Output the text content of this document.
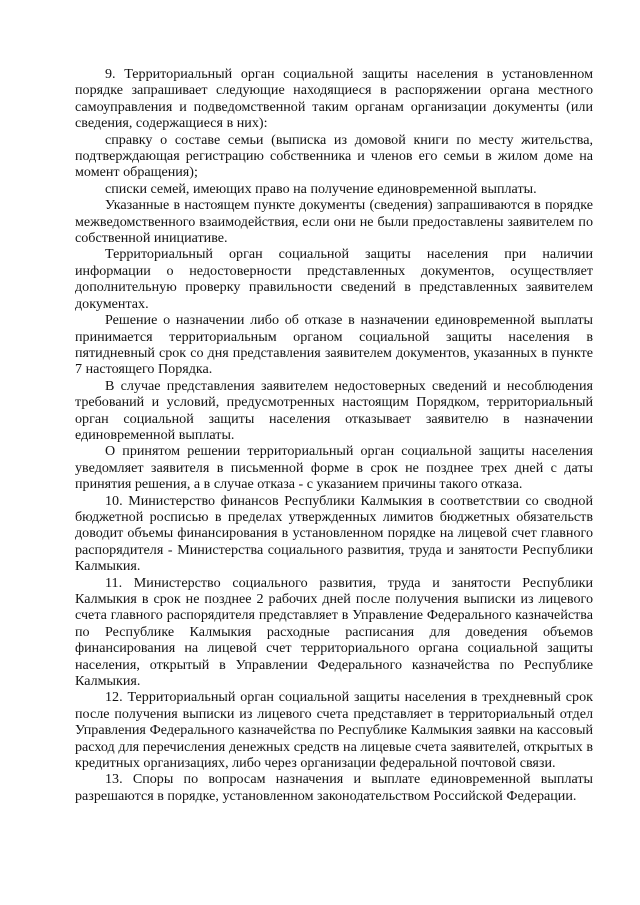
9. Территориальный орган социальной защиты населения в установленном порядке запрашивает следующие находящиеся в распоряжении органа местного самоуправления и подведомственной таким органам организации документы (или сведения, содержащиеся в них):

справку о составе семьи (выписка из домовой книги по месту жительства, подтверждающая регистрацию собственника и членов его семьи в жилом доме на момент обращения);

списки семей, имеющих право на получение единовременной выплаты.

Указанные в настоящем пункте документы (сведения) запрашиваются в порядке межведомственного взаимодействия, если они не были предоставлены заявителем по собственной инициативе.

Территориальный орган социальной защиты населения при наличии информации о недостоверности представленных документов, осуществляет дополнительную проверку правильности сведений в представленных заявителем документах.

Решение о назначении либо об отказе в назначении единовременной выплаты принимается территориальным органом социальной защиты населения в пятидневный срок со дня представления заявителем документов, указанных в пункте 7 настоящего Порядка.

В случае представления заявителем недостоверных сведений и несоблюдения требований и условий, предусмотренных настоящим Порядком, территориальный орган социальной защиты населения отказывает заявителю в назначении единовременной выплаты.

О принятом решении территориальный орган социальной защиты населения уведомляет заявителя в письменной форме в срок не позднее трех дней с даты принятия решения, а в случае отказа - с указанием причины такого отказа.

10. Министерство финансов Республики Калмыкия в соответствии со сводной бюджетной росписью в пределах утвержденных лимитов бюджетных обязательств доводит объемы финансирования в установленном порядке на лицевой счет главного распорядителя - Министерства социального развития, труда и занятости Республики Калмыкия.

11. Министерство социального развития, труда и занятости Республики Калмыкия в срок не позднее 2 рабочих дней после получения выписки из лицевого счета главного распорядителя представляет в Управление Федерального казначейства по Республике Калмыкия расходные расписания для доведения объемов финансирования на лицевой счет территориального органа социальной защиты населения, открытый в Управлении Федерального казначейства по Республике Калмыкия.

12. Территориальный орган социальной защиты населения в трехдневный срок после получения выписки из лицевого счета представляет в территориальный отдел Управления Федерального казначейства по Республике Калмыкия заявки на кассовый расход для перечисления денежных средств на лицевые счета заявителей, открытых в кредитных организациях, либо через организации федеральной почтовой связи.

13. Споры по вопросам назначения и выплате единовременной выплаты разрешаются в порядке, установленном законодательством Российской Федерации.
